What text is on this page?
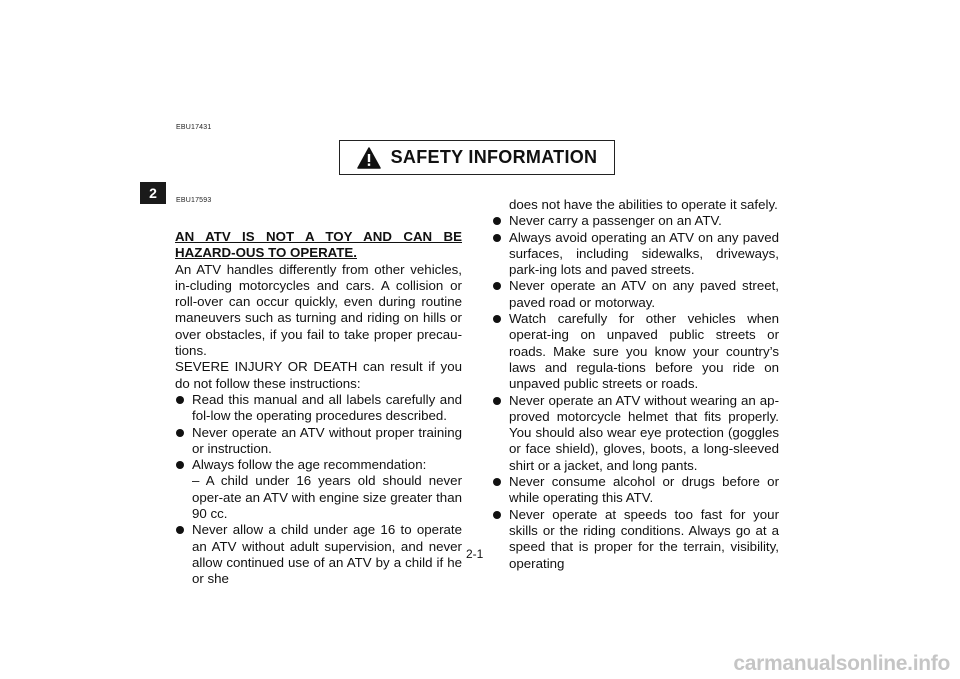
2
EBU17431
SAFETY INFORMATION
EBU17593

AN ATV IS NOT A TOY AND CAN BE HAZARD-OUS TO OPERATE.

An ATV handles differently from other vehicles, in-cluding motorcycles and cars. A collision or roll-over can occur quickly, even during routine maneuvers such as turning and riding on hills or over obstacles, if you fail to take proper precau-tions.

SEVERE INJURY OR DEATH can result if you do not follow these instructions:

Read this manual and all labels carefully and fol-low the operating procedures described.
Never operate an ATV without proper training or instruction.
Always follow the age recommendation:
– A child under 16 years old should never oper-ate an ATV with engine size greater than 90 cc.
Never allow a child under age 16 to operate an ATV without adult supervision, and never allow continued use of an ATV by a child if he or she
does not have the abilities to operate it safely.
Never carry a passenger on an ATV.
Always avoid operating an ATV on any paved surfaces, including sidewalks, driveways, park-ing lots and paved streets.
Never operate an ATV on any paved street, paved road or motorway.
Watch carefully for other vehicles when operat-ing on unpaved public streets or roads. Make sure you know your country’s laws and regula-tions before you ride on unpaved public streets or roads.
Never operate an ATV without wearing an ap-proved motorcycle helmet that fits properly. You should also wear eye protection (goggles or face shield), gloves, boots, a long-sleeved shirt or a jacket, and long pants.
Never consume alcohol or drugs before or while operating this ATV.
Never operate at speeds too fast for your skills or the riding conditions. Always go at a speed that is proper for the terrain, visibility, operating
2-1
carmanualsonline.info
